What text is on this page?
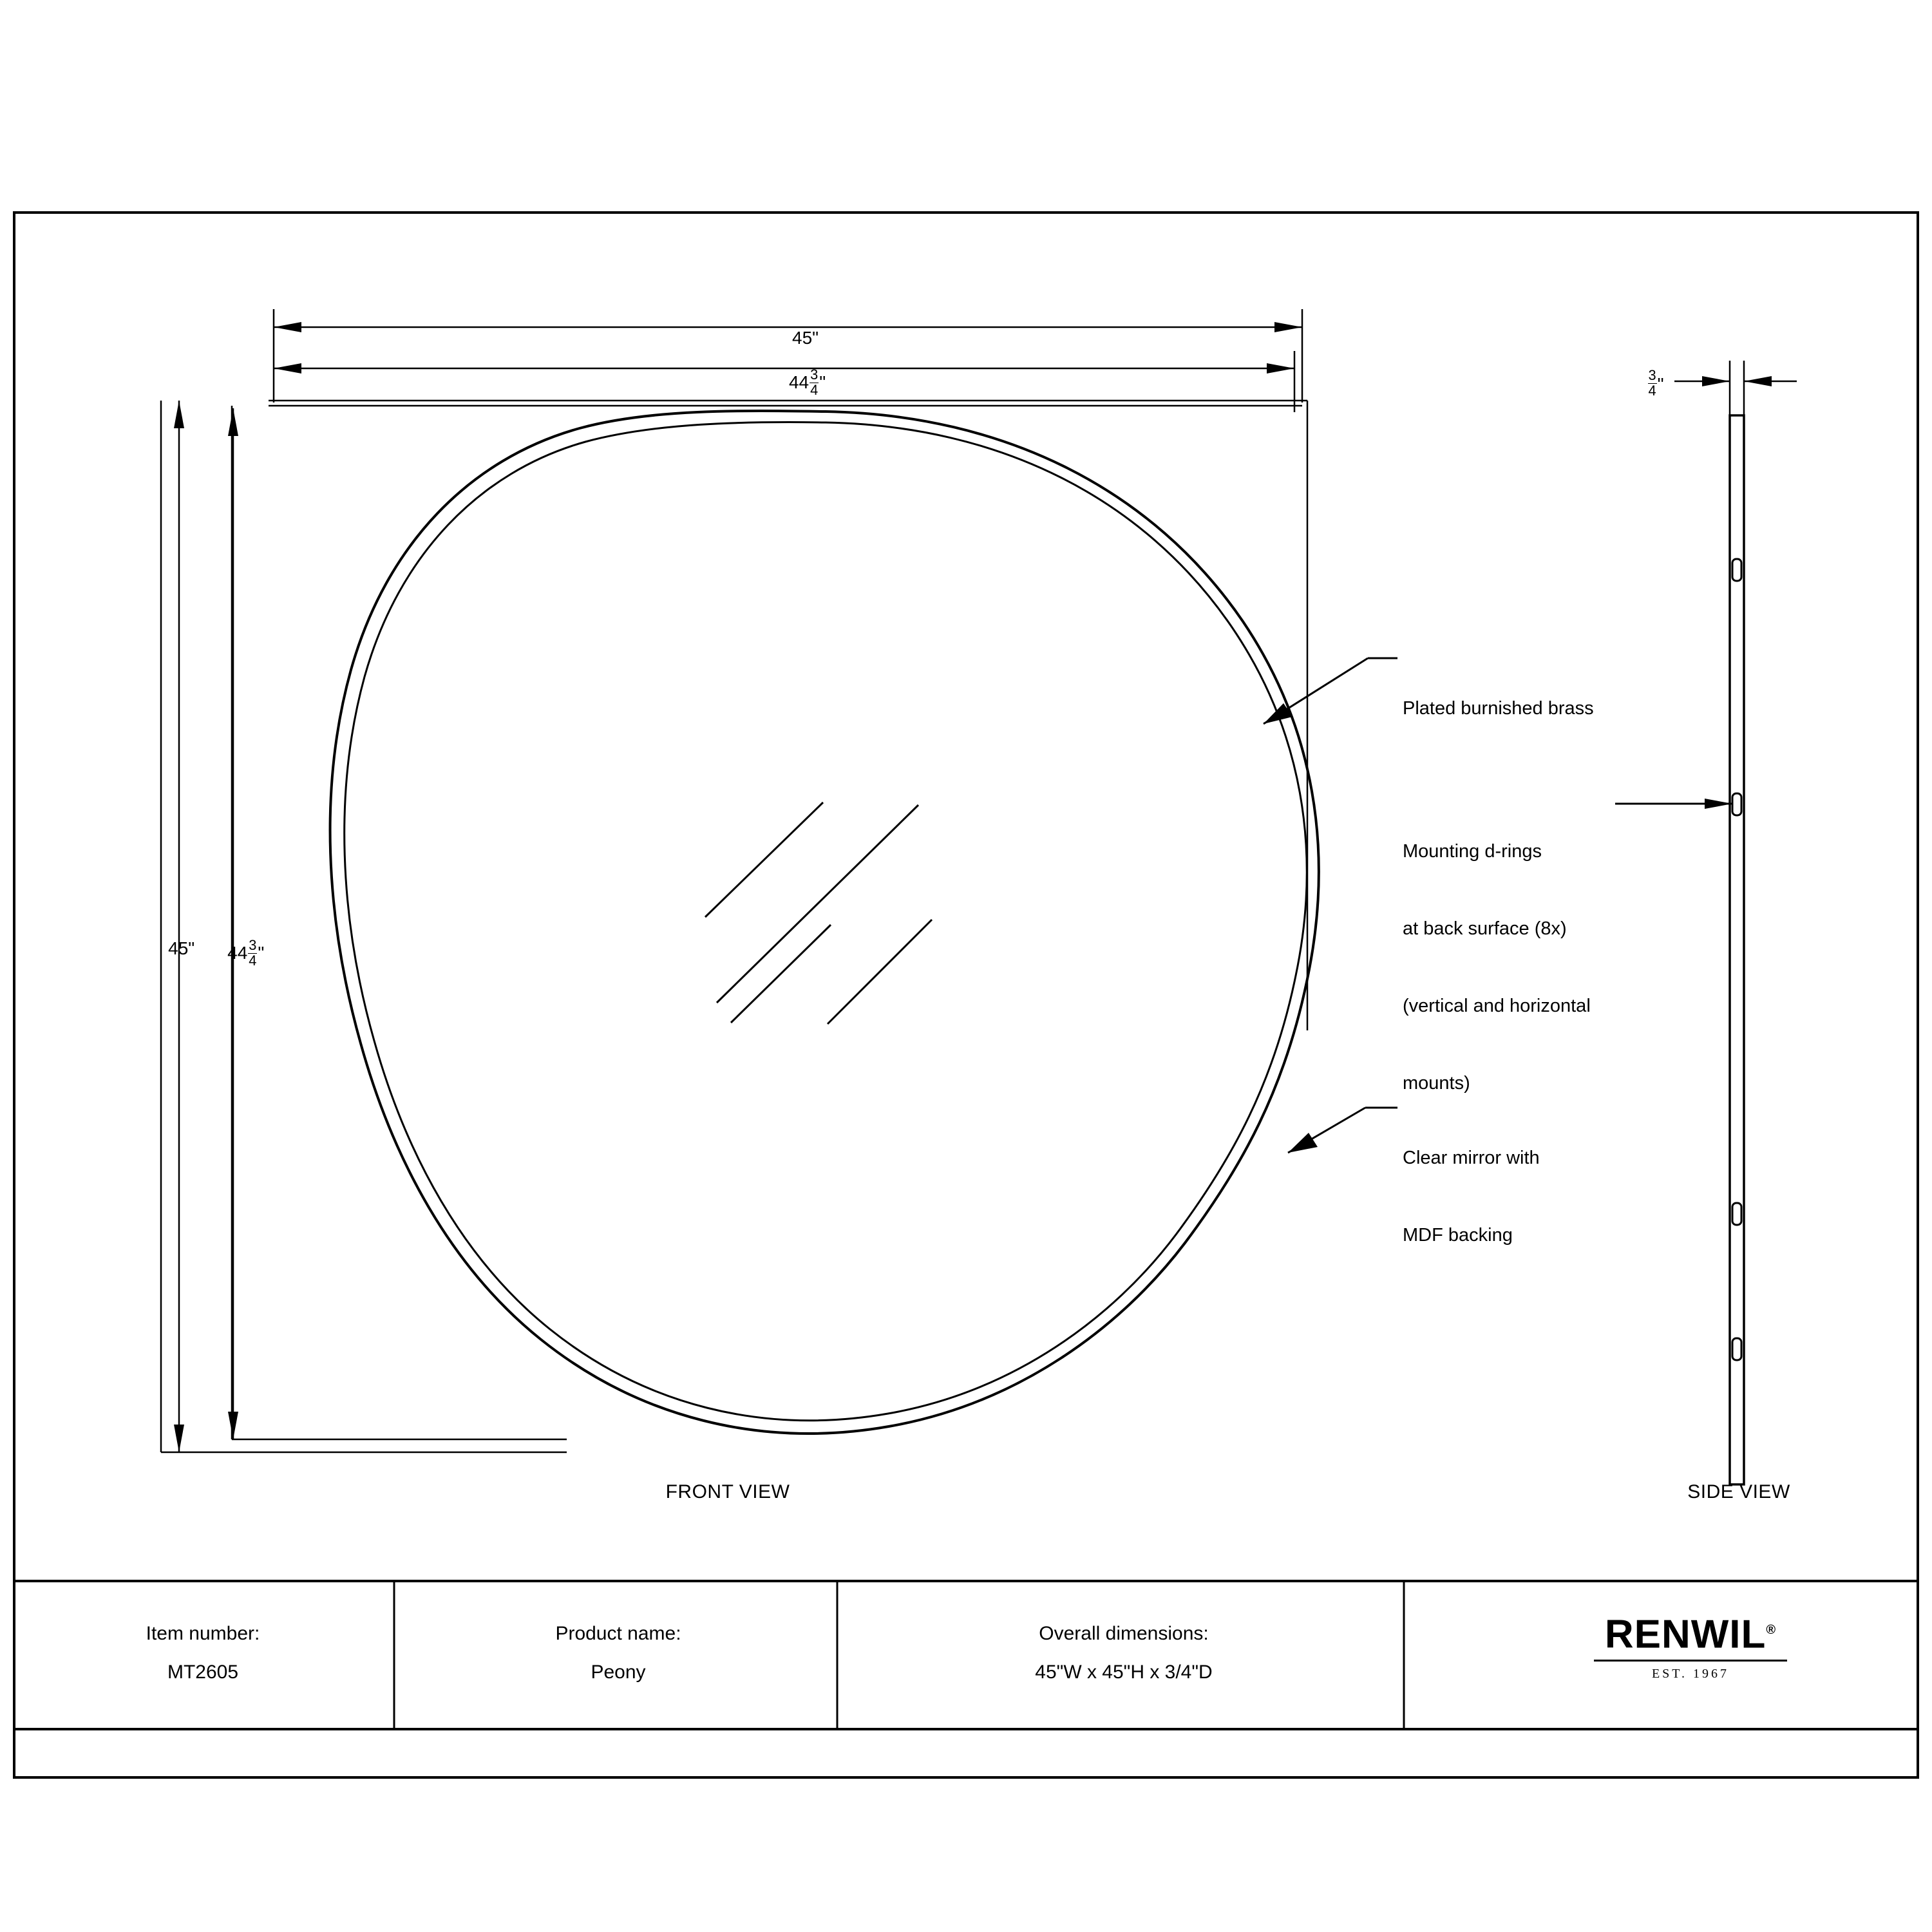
45"

$44 \frac{3}{4}$ "

45"
	$44 \frac{3}{4}$ "

$\frac{3}{4}$ "

Plated burnished brass

Mounting d-rings

at back surface (8x)

(vertical and horizontal

mounts)

Clear mirror with

MDF backing

FRONT VIEW	SIDE VIEW
Item number:
MT2605
Product name:
Peony
Overall dimensions:
45"W x 45"H x 3/4"D
RENWIL®
EST. 1967
